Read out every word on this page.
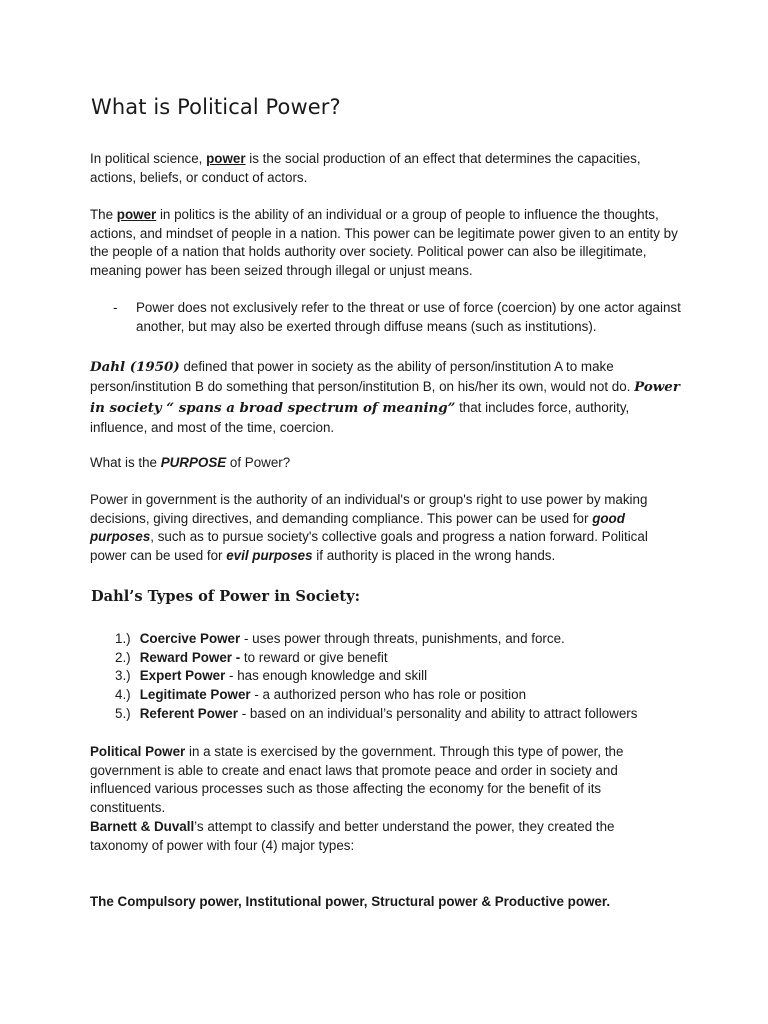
What is Political Power?

In political science, power is the social production of an effect that determines the capacities, actions, beliefs, or conduct of actors.

The power in politics is the ability of an individual or a group of people to influence the thoughts, actions, and mindset of people in a nation. This power can be legitimate power given to an entity by the people of a nation that holds authority over society. Political power can also be illegitimate, meaning power has been seized through illegal or unjust means.

- Power does not exclusively refer to the threat or use of force (coercion) by one actor against another, but may also be exerted through diffuse means (such as institutions).

Dahl (1950) defined that power in society as the ability of person/institution A to make person/institution B do something that person/institution B, on his/her its own, would not do. Power in society “ spans a broad spectrum of meaning” that includes force, authority, influence, and most of the time, coercion.

What is the PURPOSE of Power?

Power in government is the authority of an individual's or group's right to use power by making decisions, giving directives, and demanding compliance. This power can be used for good purposes, such as to pursue society's collective goals and progress a nation forward. Political power can be used for evil purposes if authority is placed in the wrong hands.

Dahl’s Types of Power in Society:
1.) Coercive Power - uses power through threats, punishments, and force.
2.) Reward Power - to reward or give benefit
3.) Expert Power - has enough knowledge and skill
4.) Legitimate Power - a authorized person who has role or position
5.) Referent Power - based on an individual’s personality and ability to attract followers

Political Power in a state is exercised by the government. Through this type of power, the government is able to create and enact laws that promote peace and order in society and influenced various processes such as those affecting the economy for the benefit of its constituents.

Barnett & Duvall’s attempt to classify and better understand the power, they created the taxonomy of power with four (4) major types:

The Compulsory power, Institutional power, Structural power & Productive power.
